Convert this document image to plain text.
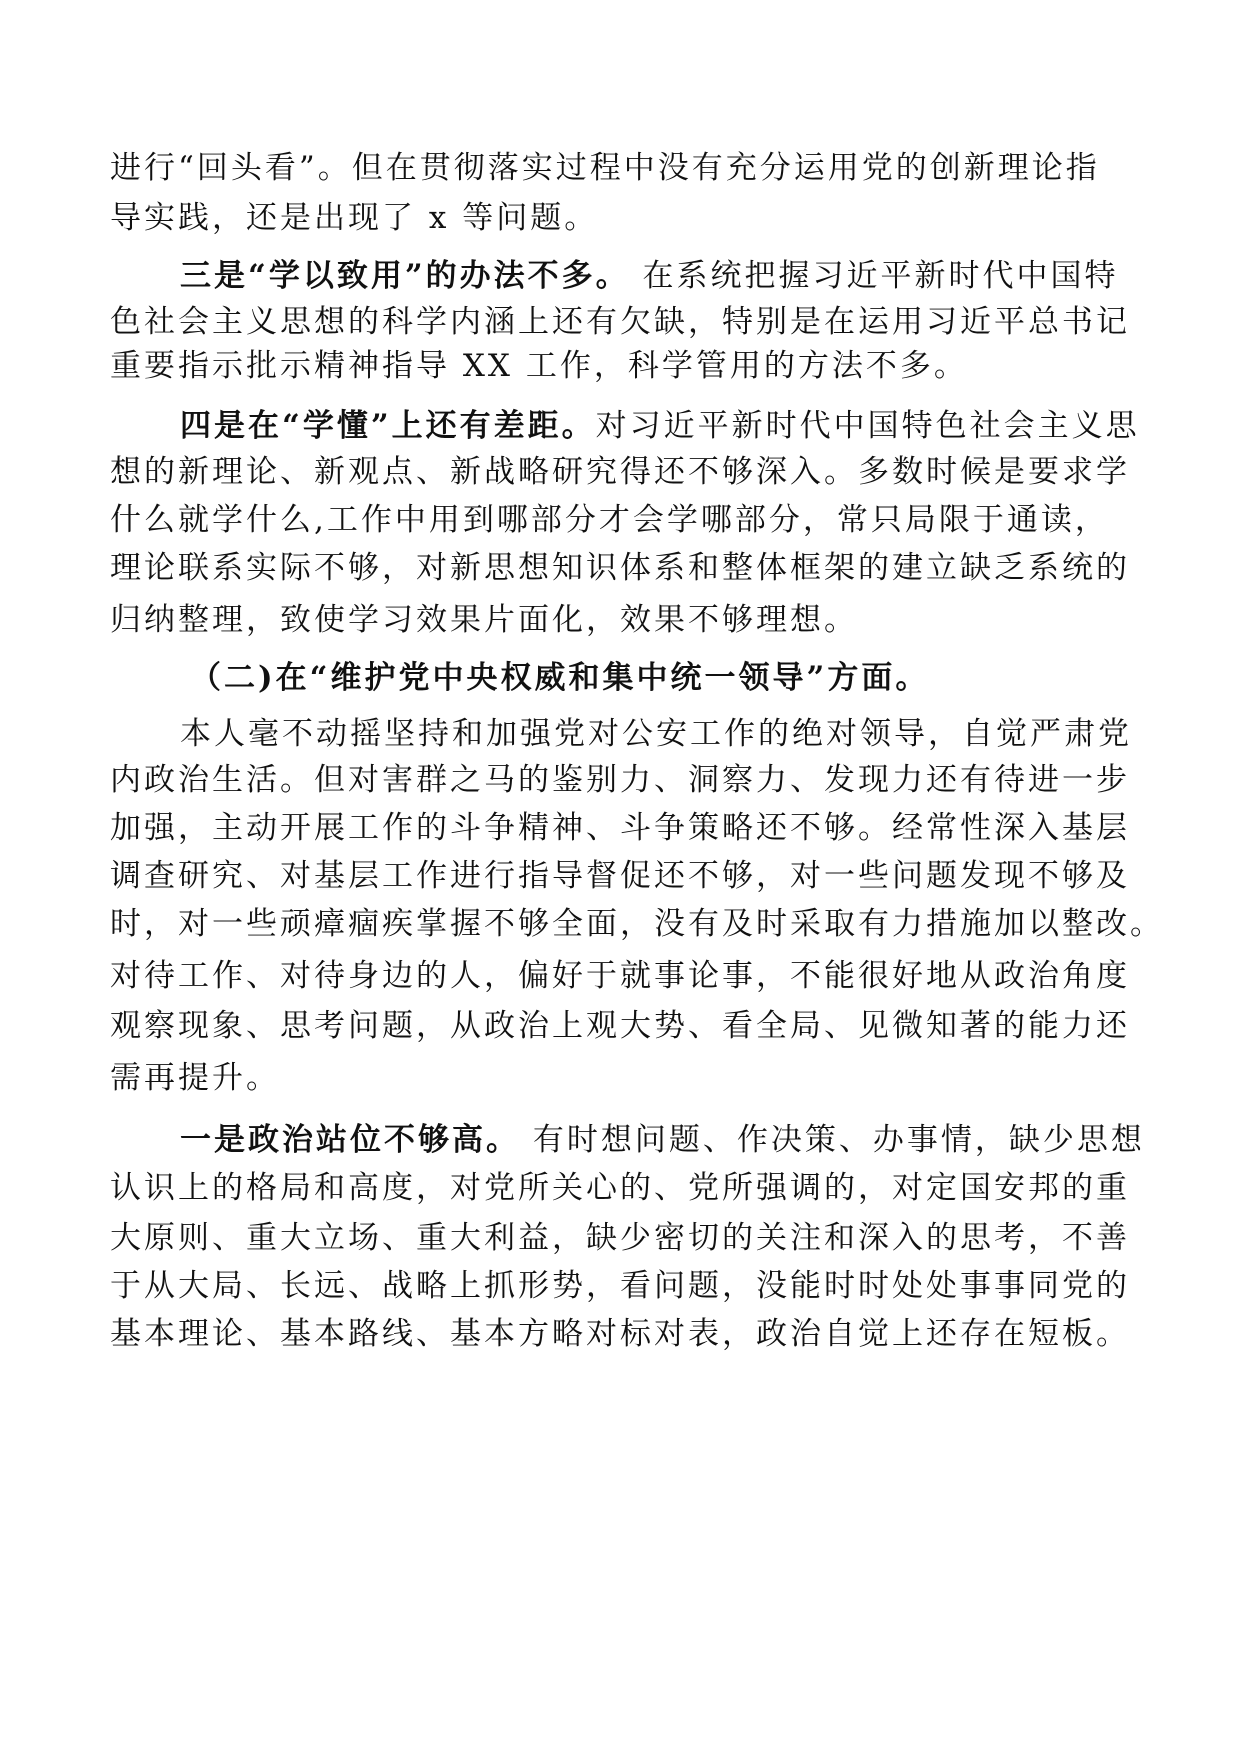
进行“回头看”。但在贯彻落实过程中没有充分运用党的创新理论指
导实践，还是出现了 x 等问题。
三是“学以致用”的办法不多。 在系统把握习近平新时代中国特
色社会主义思想的科学内涵上还有欠缺，特别是在运用习近平总书记
重要指示批示精神指导 XX 工作，科学管用的方法不多。
四是在“学懂”上还有差距。对习近平新时代中国特色社会主义思
想的新理论、新观点、新战略研究得还不够深入。多数时候是要求学
什么就学什么,工作中用到哪部分才会学哪部分，常只局限于通读，
理论联系实际不够，对新思想知识体系和整体框架的建立缺乏系统的
归纳整理，致使学习效果片面化，效果不够理想。
（二)在“维护党中央权威和集中统一领导”方面。
本人毫不动摇坚持和加强党对公安工作的绝对领导，自觉严肃党
内政治生活。但对害群之马的鉴别力、洞察力、发现力还有待进一步
加强，主动开展工作的斗争精神、斗争策略还不够。经常性深入基层
调查研究、对基层工作进行指导督促还不够，对一些问题发现不够及
时，对一些顽瘴痼疾掌握不够全面，没有及时采取有力措施加以整改。
对待工作、对待身边的人，偏好于就事论事，不能很好地从政治角度
观察现象、思考问题，从政治上观大势、看全局、见微知著的能力还
需再提升。
一是政治站位不够高。 有时想问题、作决策、办事情，缺少思想
认识上的格局和高度，对党所关心的、党所强调的，对定国安邦的重
大原则、重大立场、重大利益，缺少密切的关注和深入的思考，不善
于从大局、长远、战略上抓形势，看问题，没能时时处处事事同党的
基本理论、基本路线、基本方略对标对表，政治自觉上还存在短板。
